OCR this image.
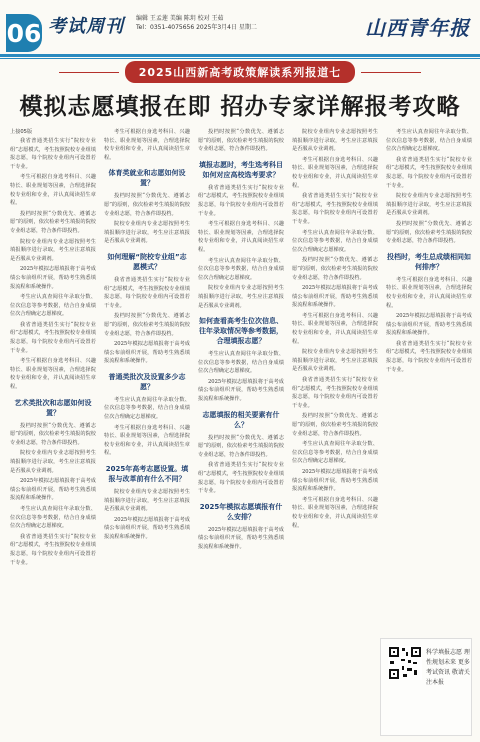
06 考试周刊 编辑 王孟莲 美编 陈玥 校对 王茹
Tel：0351-4075656 2025年3月4日 星期二	山西青年报
2025山西新高考政策解读系列报道七
模拟志愿填报在即 招办专家详解报考攻略
上接05版

我省普通类招生实行“院校专业组”志愿模式，考生按照院校专业组填报志愿，每个院校专业组内可设置若干专业。

考生可根据自身选考科目、兴趣特长、职业规划等因素，合理选择院校专业组和专业，并认真阅读招生章程。

投档时按照“分数优先、遵循志愿”的原则，依次检索考生填报的院校专业组志愿，符合条件即投档。

院校专业组内专业志愿按照考生填报顺序进行录取，考生应注意填报是否服从专业调剂。

2025年模拟志愿填报将于高考成绩公布前组织开展，帮助考生熟悉填报流程和系统操作。

考生应认真查阅往年录取分数、位次信息等参考数据，结合自身成绩位次合理确定志愿梯度。

我省普通类招生实行“院校专业组”志愿模式，考生按照院校专业组填报志愿，每个院校专业组内可设置若干专业。

考生可根据自身选考科目、兴趣特长、职业规划等因素，合理选择院校专业组和专业，并认真阅读招生章程。

艺术类批次和志愿如何设置？

投档时按照“分数优先、遵循志愿”的原则，依次检索考生填报的院校专业组志愿，符合条件即投档。

院校专业组内专业志愿按照考生填报顺序进行录取，考生应注意填报是否服从专业调剂。

2025年模拟志愿填报将于高考成绩公布前组织开展，帮助考生熟悉填报流程和系统操作。

考生应认真查阅往年录取分数、位次信息等参考数据，结合自身成绩位次合理确定志愿梯度。

我省普通类招生实行“院校专业组”志愿模式，考生按照院校专业组填报志愿，每个院校专业组内可设置若干专业。

考生可根据自身选考科目、兴趣特长、职业规划等因素，合理选择院校专业组和专业，并认真阅读招生章程。

体育类就业和志愿如何设置？

投档时按照“分数优先、遵循志愿”的原则，依次检索考生填报的院校专业组志愿，符合条件即投档。

院校专业组内专业志愿按照考生填报顺序进行录取，考生应注意填报是否服从专业调剂。

如何理解“院校专业组”志愿模式？

我省普通类招生实行“院校专业组”志愿模式，考生按照院校专业组填报志愿，每个院校专业组内可设置若干专业。

投档时按照“分数优先、遵循志愿”的原则，依次检索考生填报的院校专业组志愿，符合条件即投档。

2025年模拟志愿填报将于高考成绩公布前组织开展，帮助考生熟悉填报流程和系统操作。

普通类批次及设置多少志愿？

考生应认真查阅往年录取分数、位次信息等参考数据，结合自身成绩位次合理确定志愿梯度。

考生可根据自身选考科目、兴趣特长、职业规划等因素，合理选择院校专业组和专业，并认真阅读招生章程。

2025年高考志愿设置。填报与改革前有什么不同？

院校专业组内专业志愿按照考生填报顺序进行录取，考生应注意填报是否服从专业调剂。

2025年模拟志愿填报将于高考成绩公布前组织开展，帮助考生熟悉填报流程和系统操作。

投档时按照“分数优先、遵循志愿”的原则，依次检索考生填报的院校专业组志愿，符合条件即投档。

填报志愿时，考生选考科目如何对应高校选考要求？

我省普通类招生实行“院校专业组”志愿模式，考生按照院校专业组填报志愿，每个院校专业组内可设置若干专业。

考生可根据自身选考科目、兴趣特长、职业规划等因素，合理选择院校专业组和专业，并认真阅读招生章程。

考生应认真查阅往年录取分数、位次信息等参考数据，结合自身成绩位次合理确定志愿梯度。

院校专业组内专业志愿按照考生填报顺序进行录取，考生应注意填报是否服从专业调剂。

如何查看高考生位次信息、往年录取情况等参考数据，合理填报志愿？

考生应认真查阅往年录取分数、位次信息等参考数据，结合自身成绩位次合理确定志愿梯度。

2025年模拟志愿填报将于高考成绩公布前组织开展，帮助考生熟悉填报流程和系统操作。

志愿填报的相关要素有什么？

投档时按照“分数优先、遵循志愿”的原则，依次检索考生填报的院校专业组志愿，符合条件即投档。

我省普通类招生实行“院校专业组”志愿模式，考生按照院校专业组填报志愿，每个院校专业组内可设置若干专业。

2025年模拟志愿填报有什么安排？

2025年模拟志愿填报将于高考成绩公布前组织开展，帮助考生熟悉填报流程和系统操作。

院校专业组内专业志愿按照考生填报顺序进行录取，考生应注意填报是否服从专业调剂。

考生可根据自身选考科目、兴趣特长、职业规划等因素，合理选择院校专业组和专业，并认真阅读招生章程。

我省普通类招生实行“院校专业组”志愿模式，考生按照院校专业组填报志愿，每个院校专业组内可设置若干专业。

考生应认真查阅往年录取分数、位次信息等参考数据，结合自身成绩位次合理确定志愿梯度。

投档时按照“分数优先、遵循志愿”的原则，依次检索考生填报的院校专业组志愿，符合条件即投档。

2025年模拟志愿填报将于高考成绩公布前组织开展，帮助考生熟悉填报流程和系统操作。

考生可根据自身选考科目、兴趣特长、职业规划等因素，合理选择院校专业组和专业，并认真阅读招生章程。

院校专业组内专业志愿按照考生填报顺序进行录取，考生应注意填报是否服从专业调剂。

我省普通类招生实行“院校专业组”志愿模式，考生按照院校专业组填报志愿，每个院校专业组内可设置若干专业。

投档时按照“分数优先、遵循志愿”的原则，依次检索考生填报的院校专业组志愿，符合条件即投档。

考生应认真查阅往年录取分数、位次信息等参考数据，结合自身成绩位次合理确定志愿梯度。

2025年模拟志愿填报将于高考成绩公布前组织开展，帮助考生熟悉填报流程和系统操作。

考生可根据自身选考科目、兴趣特长、职业规划等因素，合理选择院校专业组和专业，并认真阅读招生章程。

考生应认真查阅往年录取分数、位次信息等参考数据，结合自身成绩位次合理确定志愿梯度。

我省普通类招生实行“院校专业组”志愿模式，考生按照院校专业组填报志愿，每个院校专业组内可设置若干专业。

院校专业组内专业志愿按照考生填报顺序进行录取，考生应注意填报是否服从专业调剂。

投档时按照“分数优先、遵循志愿”的原则，依次检索考生填报的院校专业组志愿，符合条件即投档。

投档时，考生总成绩相同如何排序？

考生可根据自身选考科目、兴趣特长、职业规划等因素，合理选择院校专业组和专业，并认真阅读招生章程。

2025年模拟志愿填报将于高考成绩公布前组织开展，帮助考生熟悉填报流程和系统操作。

我省普通类招生实行“院校专业组”志愿模式，考生按照院校专业组填报志愿，每个院校专业组内可设置若干专业。

科学填报志愿 理性规划未来 更多考试资讯 敬请关注本报
